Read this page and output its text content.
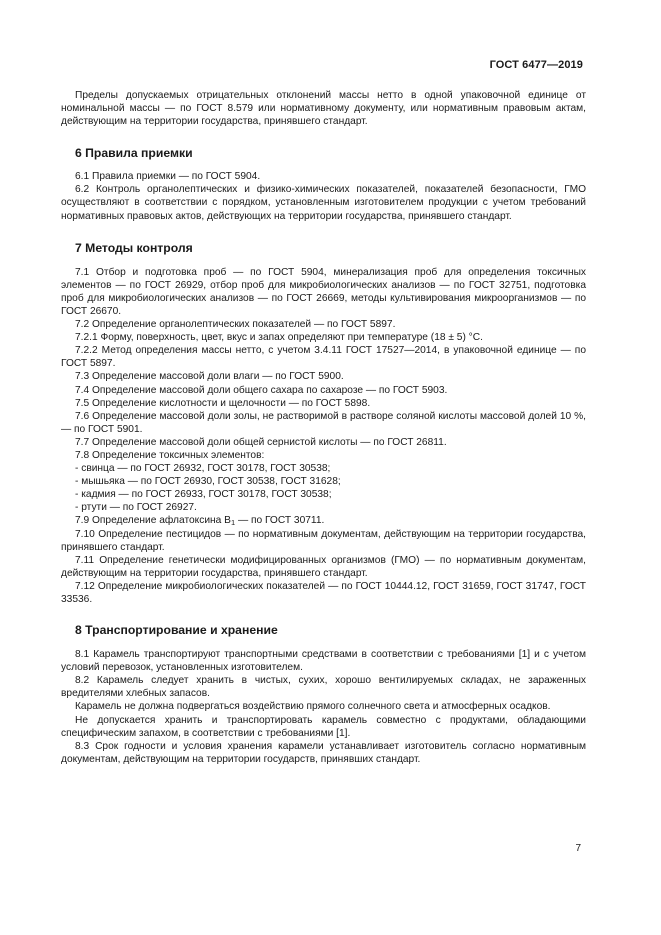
ГОСТ 6477—2019

Пределы допускаемых отрицательных отклонений массы нетто в одной упаковочной единице от номинальной массы — по ГОСТ 8.579 или нормативному документу, или нормативным правовым актам, действующим на территории государства, принявшего стандарт.

6 Правила приемки

6.1 Правила приемки — по ГОСТ 5904.

6.2 Контроль органолептических и физико-химических показателей, показателей безопасности, ГМО осуществляют в соответствии с порядком, установленным изготовителем продукции с учетом требований нормативных правовых актов, действующих на территории государства, принявшего стандарт.

7 Методы контроля

7.1 Отбор и подготовка проб — по ГОСТ 5904, минерализация проб для определения токсичных элементов — по ГОСТ 26929, отбор проб для микробиологических анализов — по ГОСТ 32751, подготовка проб для микробиологических анализов — по ГОСТ 26669, методы культивирования микроорганизмов — по ГОСТ 26670.

7.2 Определение органолептических показателей — по ГОСТ 5897.

7.2.1 Форму, поверхность, цвет, вкус и запах определяют при температуре (18 ± 5) °С.

7.2.2 Метод определения массы нетто, с учетом 3.4.11 ГОСТ 17527—2014, в упаковочной единице — по ГОСТ 5897.

7.3 Определение массовой доли влаги — по ГОСТ 5900.

7.4 Определение массовой доли общего сахара по сахарозе — по ГОСТ 5903.

7.5 Определение кислотности и щелочности — по ГОСТ 5898.

7.6 Определение массовой доли золы, не растворимой в растворе соляной кислоты массовой долей 10 %, — по ГОСТ 5901.

7.7 Определение массовой доли общей сернистой кислоты — по ГОСТ 26811.

7.8 Определение токсичных элементов:

- свинца — по ГОСТ 26932, ГОСТ 30178, ГОСТ 30538;

- мышьяка — по ГОСТ 26930, ГОСТ 30538, ГОСТ 31628;

- кадмия — по ГОСТ 26933, ГОСТ 30178, ГОСТ 30538;

- ртути — по ГОСТ 26927.

7.9 Определение афлатоксина $В_1$ — по ГОСТ 30711.

7.10 Определение пестицидов — по нормативным документам, действующим на территории государства, принявшего стандарт.

7.11 Определение генетически модифицированных организмов (ГМО) — по нормативным документам, действующим на территории государства, принявшего стандарт.

7.12 Определение микробиологических показателей — по ГОСТ 10444.12, ГОСТ 31659, ГОСТ 31747, ГОСТ 33536.

8 Транспортирование и хранение

8.1 Карамель транспортируют транспортными средствами в соответствии с требованиями [1] и с учетом условий перевозок, установленных изготовителем.

8.2 Карамель следует хранить в чистых, сухих, хорошо вентилируемых складах, не зараженных вредителями хлебных запасов.

Карамель не должна подвергаться воздействию прямого солнечного света и атмосферных осадков.

Не допускается хранить и транспортировать карамель совместно с продуктами, обладающими специфическим запахом, в соответствии с требованиями [1].

8.3 Срок годности и условия хранения карамели устанавливает изготовитель согласно нормативным документам, действующим на территории государств, принявших стандарт.

7
